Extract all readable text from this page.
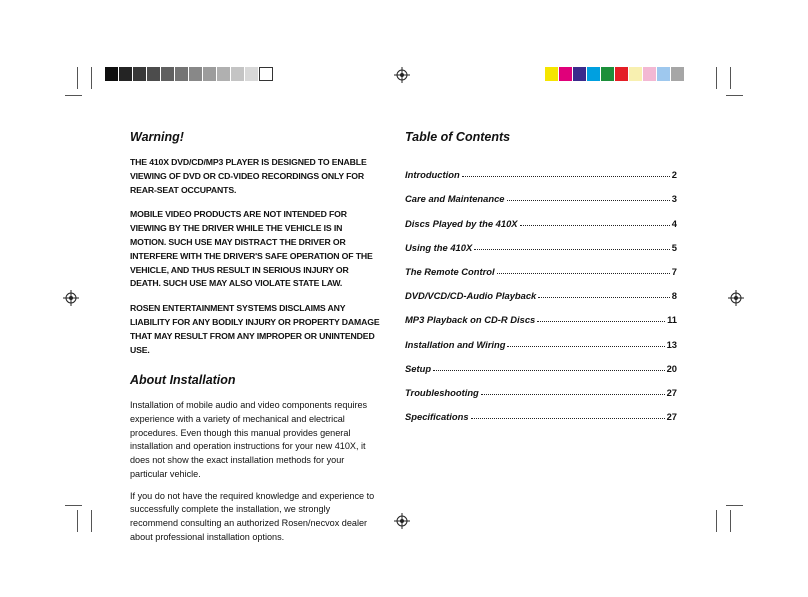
Warning!

THE 410X DVD/CD/MP3 PLAYER IS DESIGNED TO ENABLE VIEWING OF DVD OR CD-VIDEO RECORDINGS ONLY FOR REAR-SEAT OCCUPANTS.

MOBILE VIDEO PRODUCTS ARE NOT INTENDED FOR VIEWING BY THE DRIVER WHILE THE VEHICLE IS IN MOTION. SUCH USE MAY DISTRACT THE DRIVER OR INTERFERE WITH THE DRIVER'S SAFE OPERATION OF THE VEHICLE, AND THUS RESULT IN SERIOUS INJURY OR DEATH. SUCH USE MAY ALSO VIOLATE STATE LAW.

ROSEN ENTERTAINMENT SYSTEMS DISCLAIMS ANY LIABILITY FOR ANY BODILY INJURY OR PROPERTY DAMAGE THAT MAY RESULT FROM ANY IMPROPER OR UNINTENDED USE.

About Installation

Installation of mobile audio and video components requires experience with a variety of mechanical and electrical procedures. Even though this manual provides general installation and operation instructions for your new 410X, it does not show the exact installation methods for your particular vehicle.

If you do not have the required knowledge and experience to successfully complete the installation, we strongly recommend consulting an authorized Rosen/necvox dealer about professional installation options.

Table of Contents
Introduction	2
Care and Maintenance	3
Discs Played by the 410X	4
Using the 410X	5
The Remote Control	7
DVD/VCD/CD-Audio Playback	8
MP3 Playback on CD-R Discs	11
Installation and Wiring	13
Setup	20
Troubleshooting	27
Specifications	27
